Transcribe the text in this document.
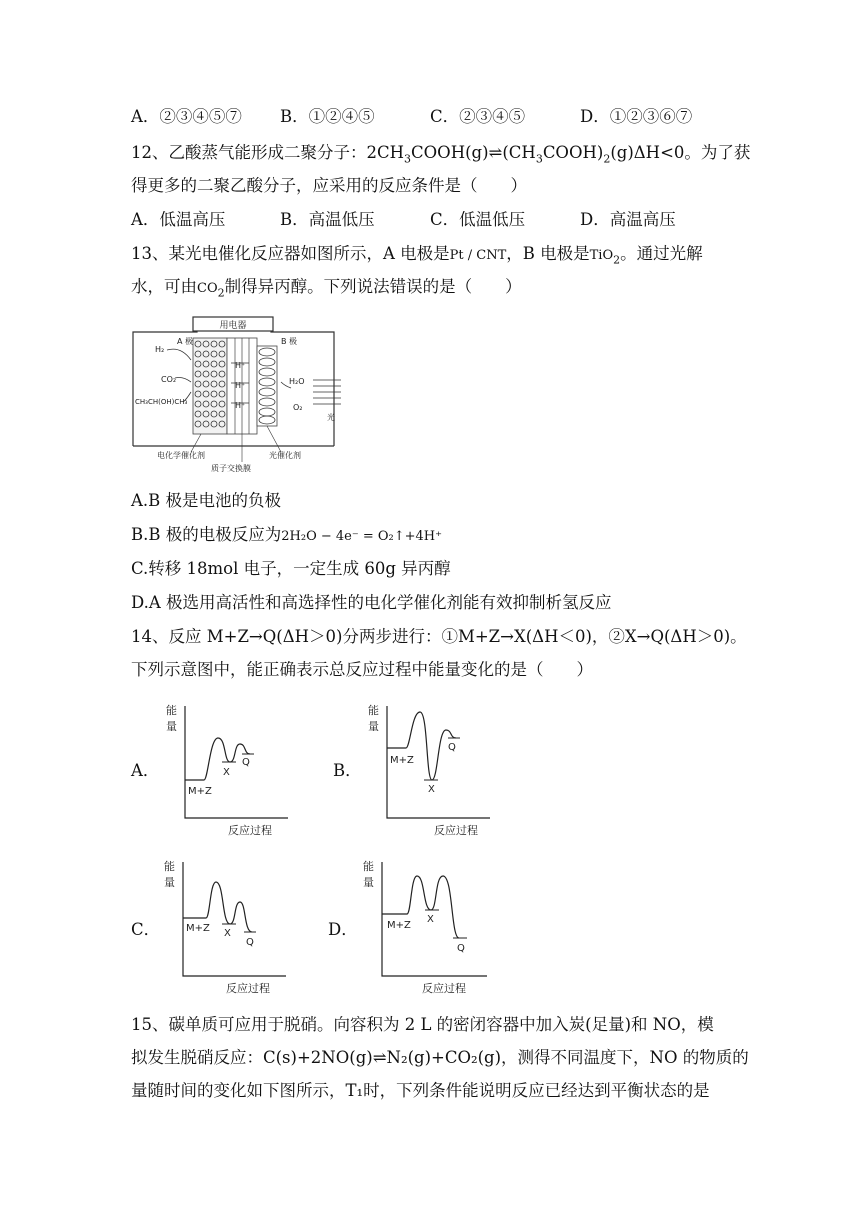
A．②③④⑤⑦ B．①②④⑤	C．②③④⑤	D．①②③⑥⑦
12、乙酸蒸气能形成二聚分子：$2CH_3COOH(g)\rightleftharpoons(CH_3COOH)_2(g)\Delta H<0$。为了获
得更多的二聚乙酸分子，应采用的反应条件是（　　）
A．低温高压	B．高温低压	C．低温低压	D．高温高压
13、某光电催化反应器如图所示，A 电极是Pt / CNT，B 电极是TiO$_2$。通过光解
水，可由$CO_2$制得异丙醇。下列说法错误的是（　　）
用电器
H⁺
H⁺
H⁺
A 极	B 极
H₂
CO₂
CH₃CH(OH)CH₃
H₂O
O₂
光
电化学催化剂	光催化剂
质子交换膜
A.B 极是电池的负极
B.B 极的电极反应为2H₂O − 4e⁻ = O₂↑+4H⁺
C.转移 18mol 电子，一定生成 60g 异丙醇
D.A 极选用高活性和高选择性的电化学催化剂能有效抑制析氢反应
14、反应 M+Z→Q(ΔH＞0)分两步进行：①M+Z→X(ΔH＜0)，②X→Q(ΔH＞0)。
下列示意图中，能正确表示总反应过程中能量变化的是（　　）
A．
能
量
M+Z
X
Q
反应过程
B．
能
量
M+Z
X
Q
反应过程
C．
能
量
M+Z X
Q
反应过程
D．
能
量
M+Z
X
Q
反应过程
15、碳单质可应用于脱硝。向容积为 2 L 的密闭容器中加入炭(足量)和 NO，模
拟发生脱硝反应：C(s)+2NO(g)⇌N₂(g)+CO₂(g)，测得不同温度下，NO 的物质的
量随时间的变化如下图所示，T₁时，下列条件能说明反应已经达到平衡状态的是
